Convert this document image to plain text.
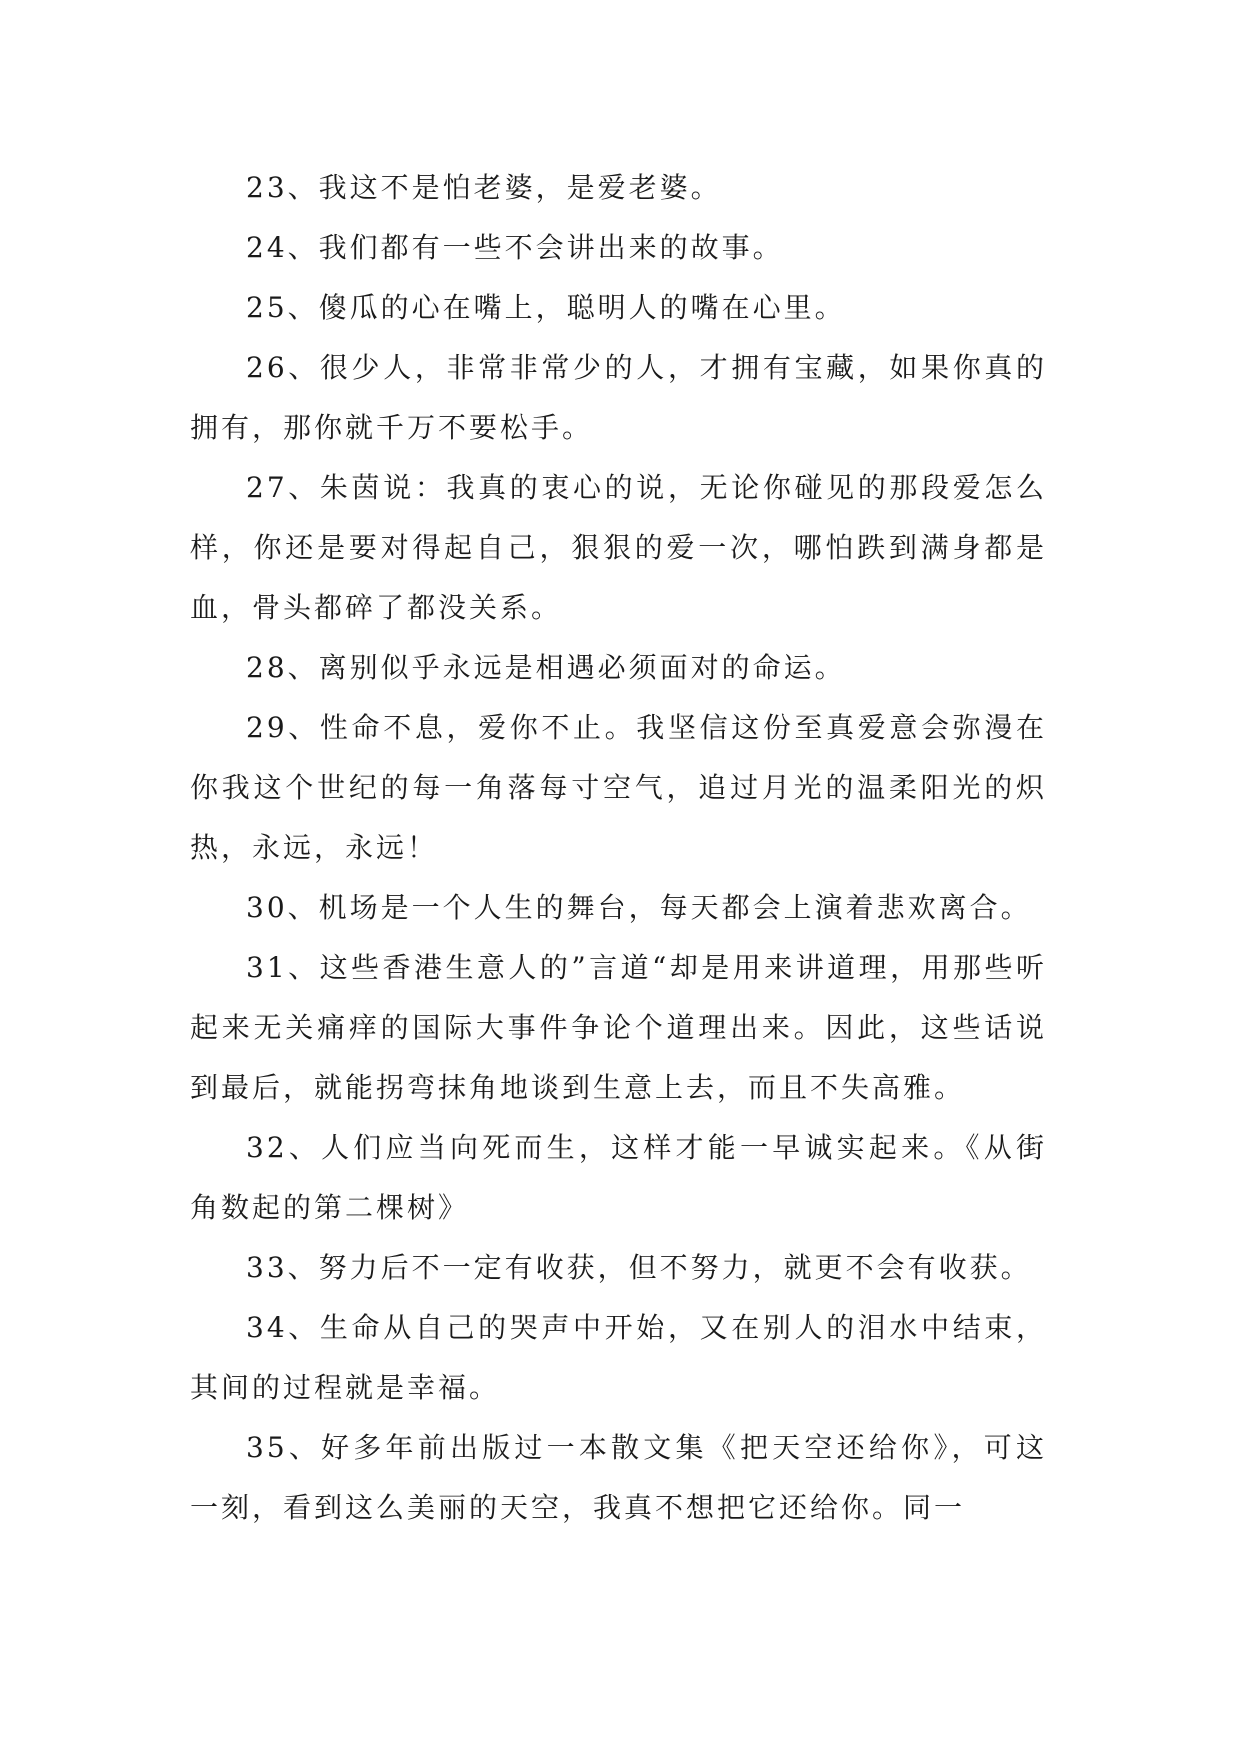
23、我这不是怕老婆，是爱老婆。

24、我们都有一些不会讲出来的故事。

25、傻瓜的心在嘴上，聪明人的嘴在心里。

26、很少人，非常非常少的人，才拥有宝藏，如果你真的拥有，那你就千万不要松手。

27、朱茵说：我真的衷心的说，无论你碰见的那段爱怎么样，你还是要对得起自己，狠狠的爱一次，哪怕跌到满身都是血，骨头都碎了都没关系。

28、离别似乎永远是相遇必须面对的命运。

29、性命不息，爱你不止。我坚信这份至真爱意会弥漫在你我这个世纪的每一角落每寸空气，追过月光的温柔阳光的炽热，永远，永远！

30、机场是一个人生的舞台，每天都会上演着悲欢离合。

31、这些香港生意人的”言道“却是用来讲道理，用那些听起来无关痛痒的国际大事件争论个道理出来。因此，这些话说到最后，就能拐弯抹角地谈到生意上去，而且不失高雅。

32、人们应当向死而生，这样才能一早诚实起来。《从街角数起的第二棵树》

33、努力后不一定有收获，但不努力，就更不会有收获。

34、生命从自己的哭声中开始，又在别人的泪水中结束，其间的过程就是幸福。

35、好多年前出版过一本散文集《把天空还给你》，可这一刻，看到这么美丽的天空，我真不想把它还给你。同一
